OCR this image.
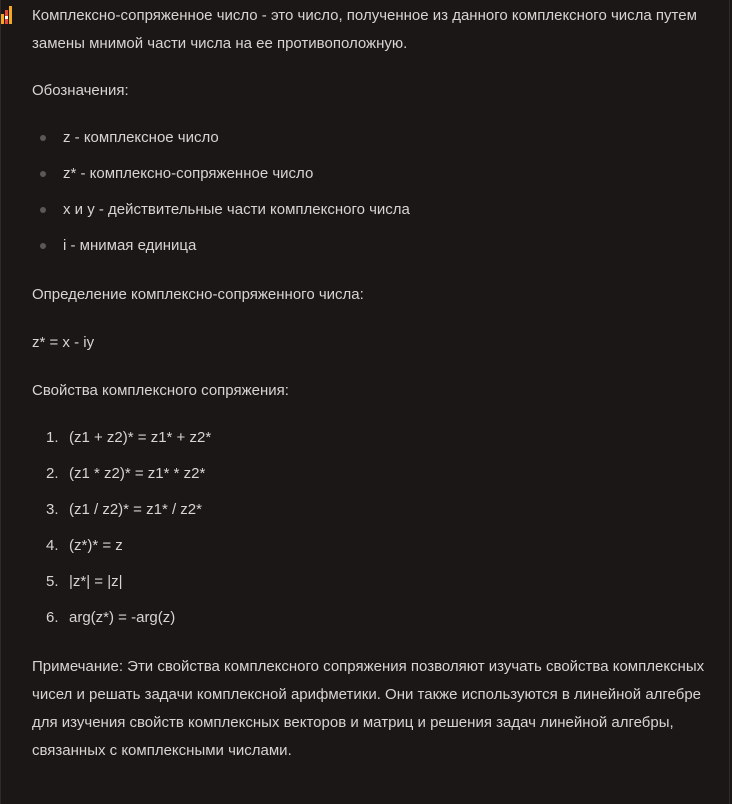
Комплексно-сопряженное число - это число, полученное из данного комплексного числа путем замены мнимой части числа на ее противоположную.

Обозначения:

z - комплексное число
z* - комплексно-сопряженное число
x и y - действительные части комплексного числа
i - мнимая единица

Определение комплексно-сопряженного числа:

z* = x - iy

Свойства комплексного сопряжения:

1. (z1 + z2)* = z1* + z2*
2. (z1 * z2)* = z1* * z2*
3. (z1 / z2)* = z1* / z2*
4. (z*)* = z
5. |z*| = |z|
6. arg(z*) = -arg(z)

Примечание: Эти свойства комплексного сопряжения позволяют изучать свойства комплексных чисел и решать задачи комплексной арифметики. Они также используются в линейной алгебре для изучения свойств комплексных векторов и матриц и решения задач линейной алгебры, связанных с комплексными числами.
